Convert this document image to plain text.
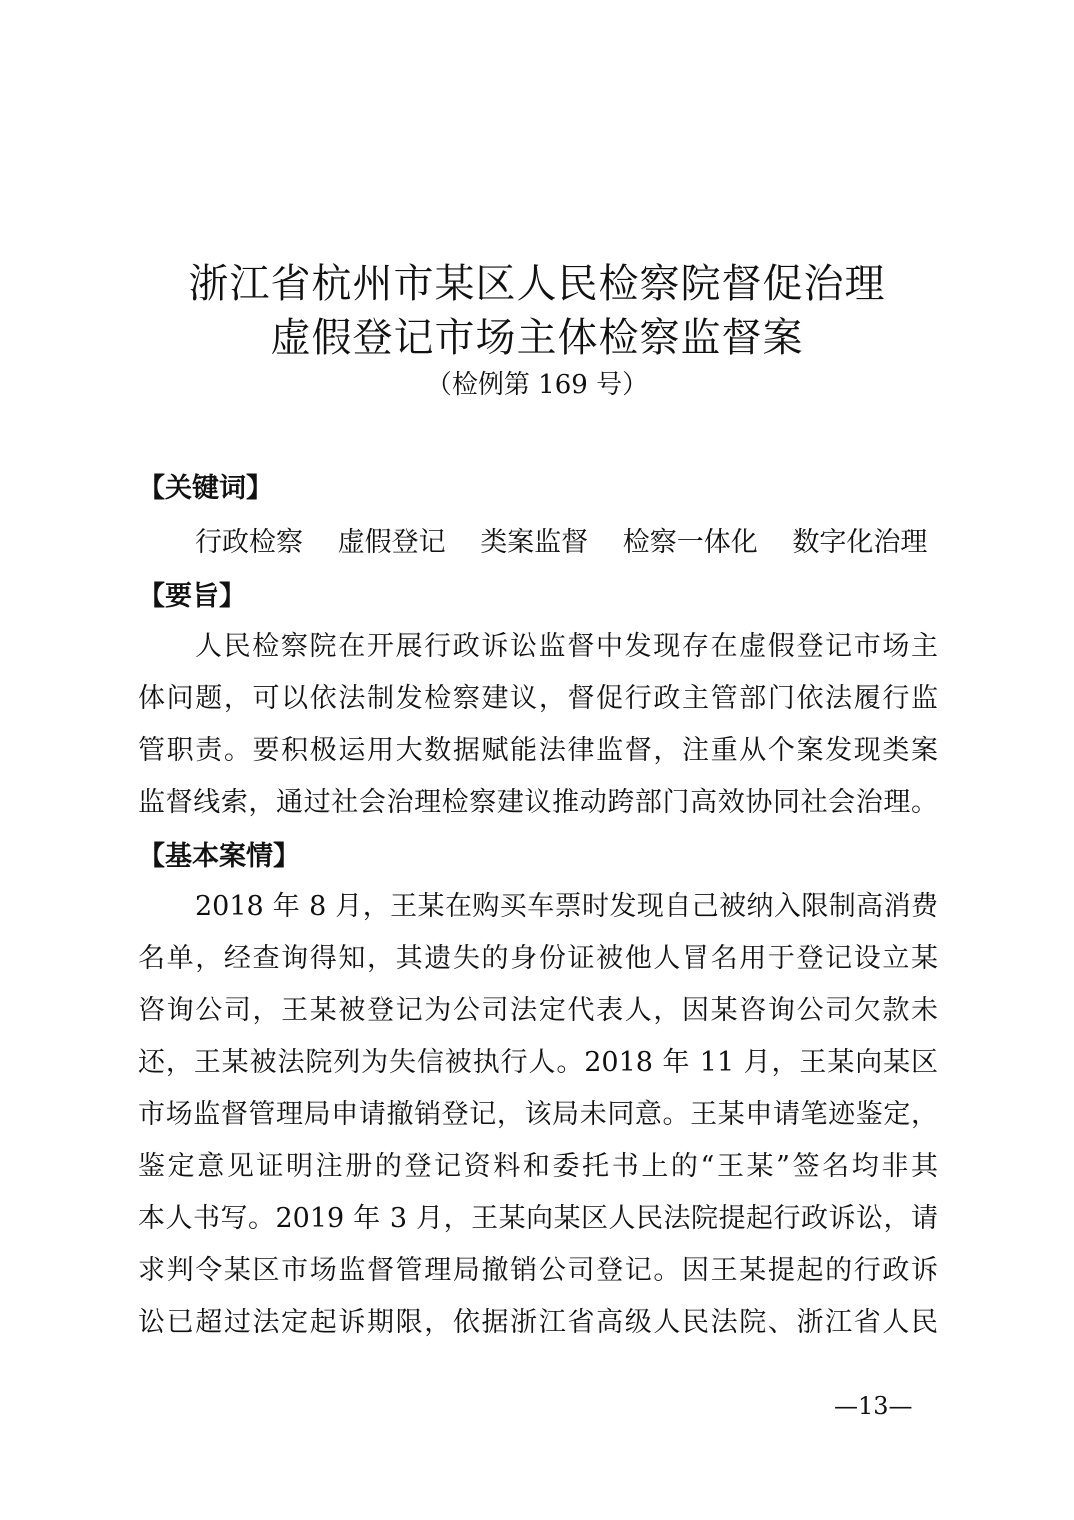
浙江省杭州市某区人民检察院督促治理
虚假登记市场主体检察监督案
（检例第 169 号）
【关键词】
行政检察 虚假登记 类案监督 检察一体化 数字化治理
【要旨】
人民检察院在开展行政诉讼监督中发现存在虚假登记市场主
体问题，可以依法制发检察建议，督促行政主管部门依法履行监
管职责。要积极运用大数据赋能法律监督，注重从个案发现类案
监督线索，通过社会治理检察建议推动跨部门高效协同社会治理。
【基本案情】
2018 年 8 月，王某在购买车票时发现自己被纳入限制高消费
名单，经查询得知，其遗失的身份证被他人冒名用于登记设立某
咨询公司，王某被登记为公司法定代表人，因某咨询公司欠款未
还，王某被法院列为失信被执行人。2018 年 11 月，王某向某区
市场监督管理局申请撤销登记，该局未同意。王某申请笔迹鉴定，
鉴定意见证明注册的登记资料和委托书上的“王某”签名均非其
本人书写。2019 年 3 月，王某向某区人民法院提起行政诉讼，请
求判令某区市场监督管理局撤销公司登记。因王某提起的行政诉
讼已超过法定起诉期限，依据浙江省高级人民法院、浙江省人民
—13—
